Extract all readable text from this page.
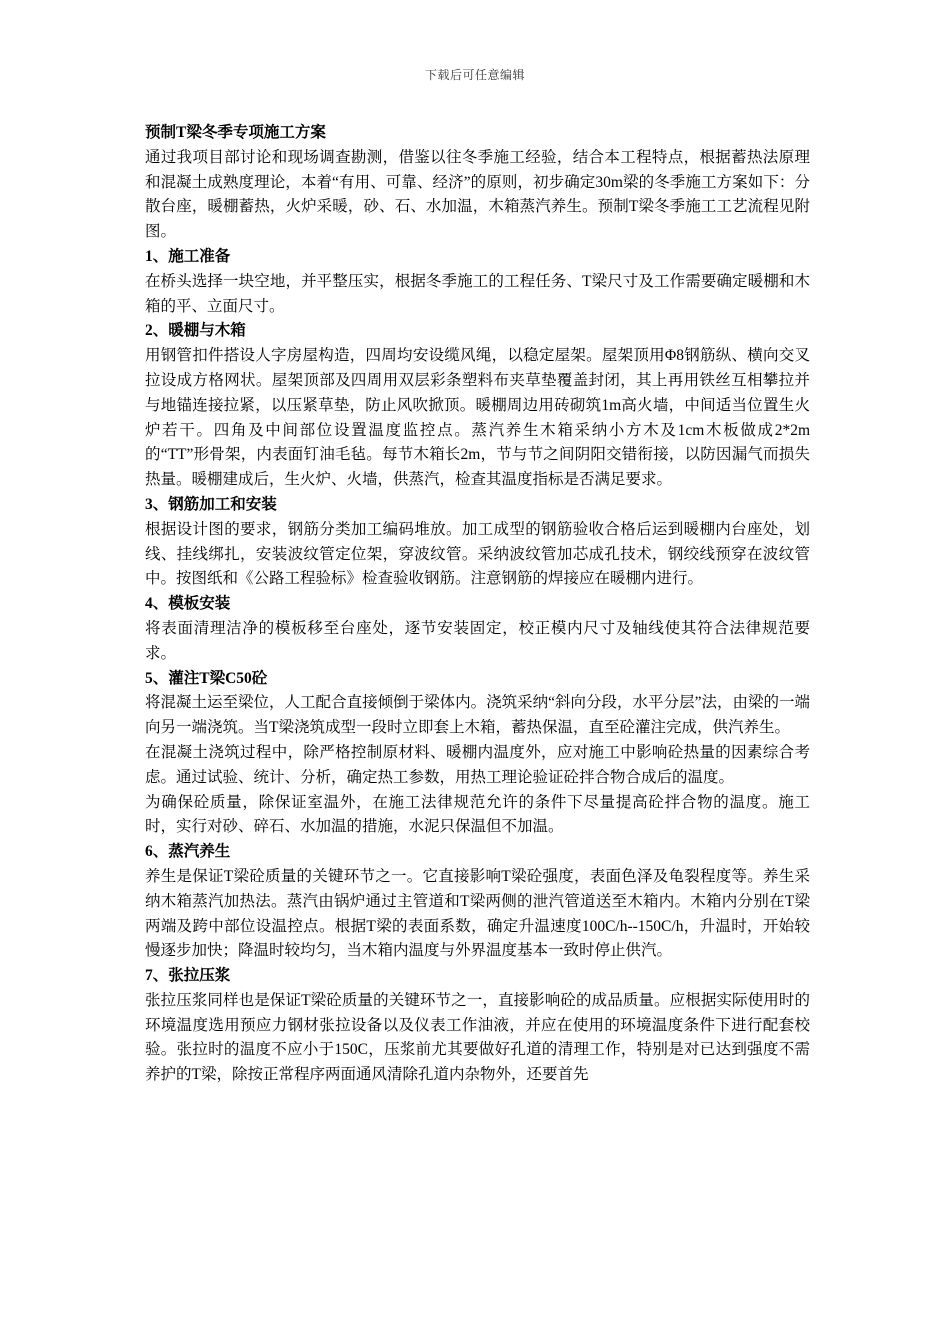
下载后可任意编辑
预制T梁冬季专项施工方案

通过我项目部讨论和现场调查勘测，借鉴以往冬季施工经验，结合本工程特点，根据蓄热法原理和混凝土成熟度理论，本着“有用、可靠、经济”的原则，初步确定30m梁的冬季施工方案如下：分散台座，暖棚蓄热，火炉采暖，砂、石、水加温，木箱蒸汽养生。预制T梁冬季施工工艺流程见附图。

1、施工准备

在桥头选择一块空地，并平整压实，根据冬季施工的工程任务、T梁尺寸及工作需要确定暖棚和木箱的平、立面尺寸。

2、暖棚与木箱

用钢管扣件搭设人字房屋构造，四周均安设缆风绳，以稳定屋架。屋架顶用Φ8钢筋纵、横向交叉拉设成方格网状。屋架顶部及四周用双层彩条塑料布夹草垫覆盖封闭，其上再用铁丝互相攀拉并与地锚连接拉紧，以压紧草垫，防止风吹掀顶。暖棚周边用砖砌筑1m高火墙，中间适当位置生火炉若干。四角及中间部位设置温度监控点。蒸汽养生木箱采纳小方木及1cm木板做成2*2m的“TT”形骨架，内表面钉油毛毡。每节木箱长2m，节与节之间阴阳交错衔接，以防因漏气而损失热量。暖棚建成后，生火炉、火墙，供蒸汽，检查其温度指标是否满足要求。

3、钢筋加工和安装

根据设计图的要求，钢筋分类加工编码堆放。加工成型的钢筋验收合格后运到暖棚内台座处，划线、挂线绑扎，安装波纹管定位架，穿波纹管。采纳波纹管加芯成孔技术，钢绞线预穿在波纹管中。按图纸和《公路工程验标》检查验收钢筋。注意钢筋的焊接应在暖棚内进行。

4、模板安装

将表面清理洁净的模板移至台座处，逐节安装固定，校正模内尺寸及轴线使其符合法律规范要求。

5、灌注T梁C50砼

将混凝土运至梁位，人工配合直接倾倒于梁体内。浇筑采纳“斜向分段，水平分层”法，由梁的一端向另一端浇筑。当T梁浇筑成型一段时立即套上木箱，蓄热保温，直至砼灌注完成，供汽养生。

在混凝土浇筑过程中，除严格控制原材料、暖棚内温度外，应对施工中影响砼热量的因素综合考虑。通过试验、统计、分析，确定热工参数，用热工理论验证砼拌合物合成后的温度。

为确保砼质量，除保证室温外，在施工法律规范允许的条件下尽量提高砼拌合物的温度。施工时，实行对砂、碎石、水加温的措施，水泥只保温但不加温。

6、蒸汽养生

养生是保证T梁砼质量的关键环节之一。它直接影响T梁砼强度，表面色泽及龟裂程度等。养生采纳木箱蒸汽加热法。蒸汽由锅炉通过主管道和T梁两侧的泄汽管道送至木箱内。木箱内分别在T梁两端及跨中部位设温控点。根据T梁的表面系数，确定升温速度100C/h--150C/h，升温时，开始较慢逐步加快；降温时较均匀，当木箱内温度与外界温度基本一致时停止供汽。

7、张拉压浆

张拉压浆同样也是保证T梁砼质量的关键环节之一，直接影响砼的成品质量。应根据实际使用时的环境温度选用预应力钢材张拉设备以及仪表工作油液，并应在使用的环境温度条件下进行配套校验。张拉时的温度不应小于150C，压浆前尤其要做好孔道的清理工作，特别是对已达到强度不需养护的T梁，除按正常程序两面通风清除孔道内杂物外，还要首先
